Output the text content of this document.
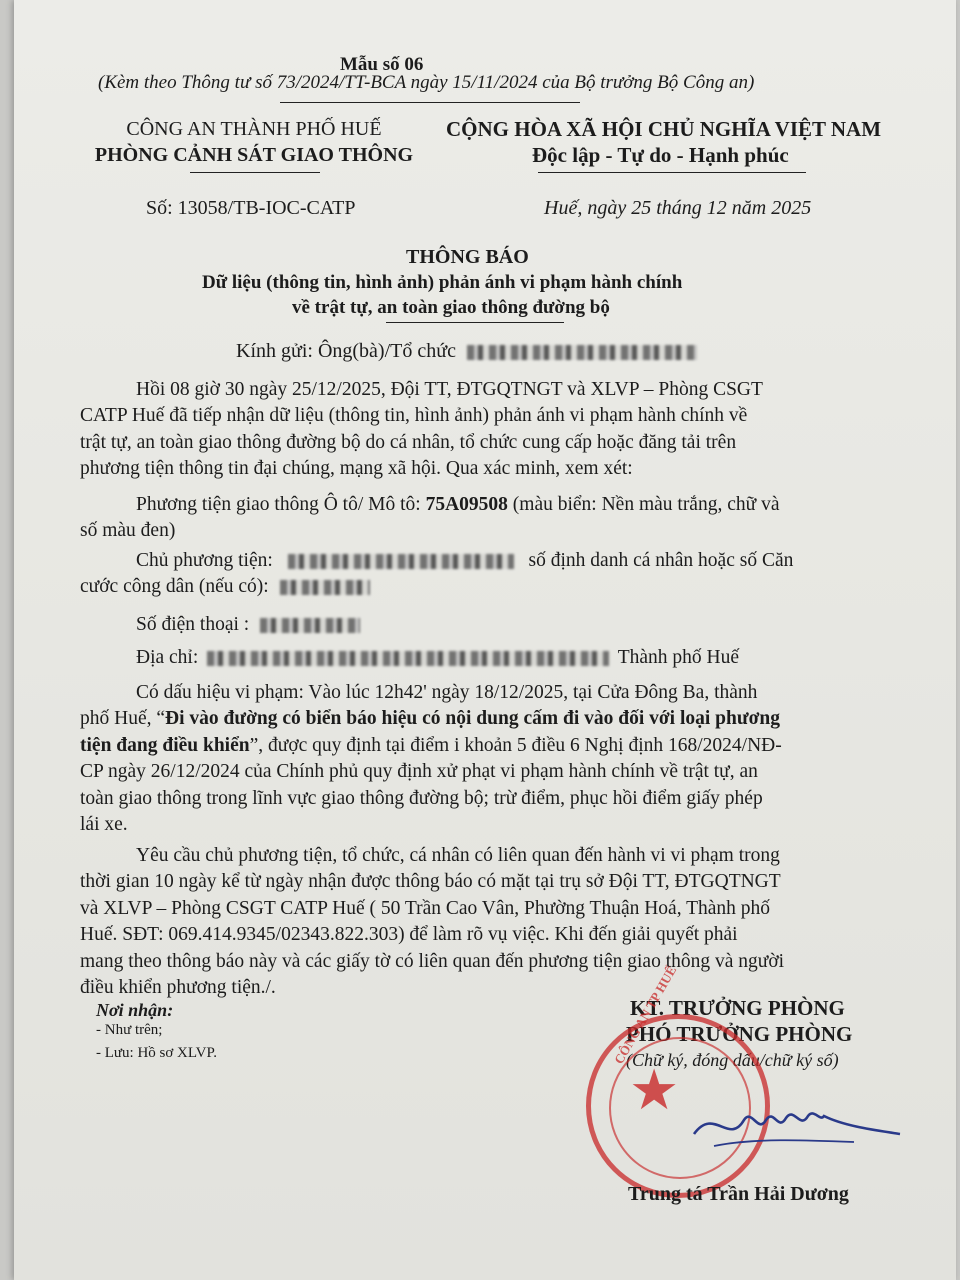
Mẫu số 06
(Kèm theo Thông tư số 73/2024/TT-BCA ngày 15/11/2024 của Bộ trưởng Bộ Công an)
CÔNG AN THÀNH PHỐ HUẾ
PHÒNG CẢNH SÁT GIAO THÔNG
Số: 13058/TB-IOC-CATP
CỘNG HÒA XÃ HỘI CHỦ NGHĨA VIỆT NAM
Độc lập - Tự do - Hạnh phúc
Huế, ngày 25 tháng 12 năm 2025
THÔNG BÁO
Dữ liệu (thông tin, hình ảnh) phản ánh vi phạm hành chính
về trật tự, an toàn giao thông đường bộ
Kính gửi: Ông(bà)/Tổ chức
Hồi 08 giờ 30 ngày 25/12/2025, Đội TT, ĐTGQTNGT và XLVP – Phòng CSGT
CATP Huế đã tiếp nhận dữ liệu (thông tin, hình ảnh) phản ánh vi phạm hành chính về
trật tự, an toàn giao thông đường bộ do cá nhân, tổ chức cung cấp hoặc đăng tải trên
phương tiện thông tin đại chúng, mạng xã hội. Qua xác minh, xem xét:
Phương tiện giao thông Ô tô/ Mô tô: 75A09508 (màu biển: Nền màu trắng, chữ và
số màu đen)
Chủ phương tiện:	số định danh cá nhân hoặc số Căn
cước công dân (nếu có):
Số điện thoại :
Địa chỉ:	Thành phố Huế
Có dấu hiệu vi phạm: Vào lúc 12h42' ngày 18/12/2025, tại Cửa Đông Ba, thành
phố Huế, “Đi vào đường có biển báo hiệu có nội dung cấm đi vào đối với loại phương
tiện đang điều khiển”, được quy định tại điểm i khoản 5 điều 6 Nghị định 168/2024/NĐ-
CP ngày 26/12/2024 của Chính phủ quy định xử phạt vi phạm hành chính về trật tự, an
toàn giao thông trong lĩnh vực giao thông đường bộ; trừ điểm, phục hồi điểm giấy phép
lái xe.
Yêu cầu chủ phương tiện, tổ chức, cá nhân có liên quan đến hành vi vi phạm trong
thời gian 10 ngày kể từ ngày nhận được thông báo có mặt tại trụ sở Đội TT, ĐTGQTNGT
và XLVP – Phòng CSGT CATP Huế ( 50 Trần Cao Vân, Phường Thuận Hoá, Thành phố
Huế. SĐT: 069.414.9345/02343.822.303) để làm rõ vụ việc. Khi đến giải quyết phải
mang theo thông báo này và các giấy tờ có liên quan đến phương tiện giao thông và người
điều khiển phương tiện./.
Nơi nhận:
- Như trên;
- Lưu: Hồ sơ XLVP.
KT. TRƯỞNG PHÒNG
PHÓ TRƯỞNG PHÒNG
(Chữ ký, đóng dấu/chữ ký số)
★
CÔNG AN TP HUẾ
Trung tá Trần Hải Dương
